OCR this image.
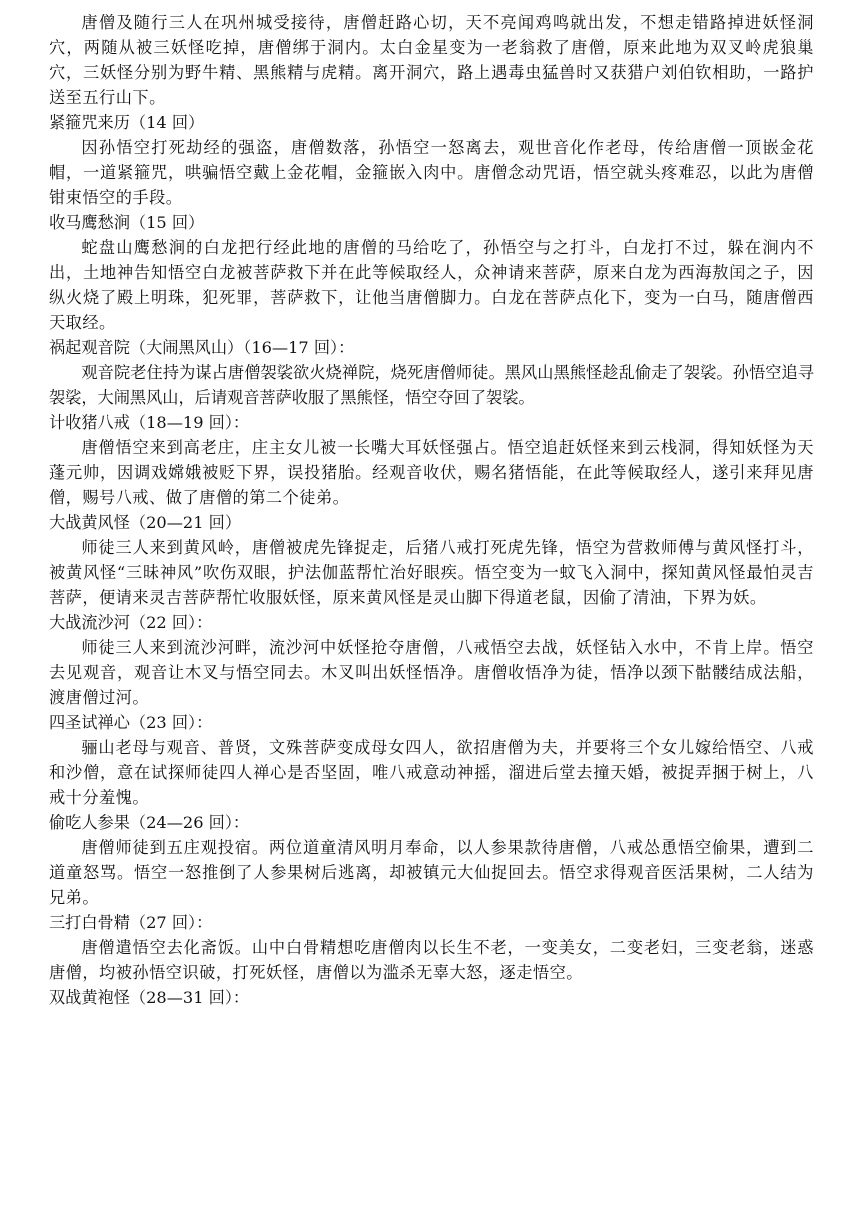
唐僧及随行三人在巩州城受接待，唐僧赶路心切，天不亮闻鸡鸣就出发，不想走错路掉进妖怪洞穴，两随从被三妖怪吃掉，唐僧绑于洞内。太白金星变为一老翁救了唐僧，原来此地为双叉岭虎狼巢穴，三妖怪分别为野牛精、黑熊精与虎精。离开洞穴，路上遇毒虫猛兽时又获猎户刘伯钦相助，一路护送至五行山下。

紧箍咒来历（14 回）

因孙悟空打死劫经的强盗，唐僧数落，孙悟空一怒离去，观世音化作老母，传给唐僧一顶嵌金花帽，一道紧箍咒，哄骗悟空戴上金花帽，金箍嵌入肉中。唐僧念动咒语，悟空就头疼难忍，以此为唐僧钳束悟空的手段。

收马鹰愁涧（15 回）

蛇盘山鹰愁涧的白龙把行经此地的唐僧的马给吃了，孙悟空与之打斗，白龙打不过，躲在涧内不出，土地神告知悟空白龙被菩萨救下并在此等候取经人，众神请来菩萨，原来白龙为西海敖闰之子，因纵火烧了殿上明珠，犯死罪，菩萨救下，让他当唐僧脚力。白龙在菩萨点化下，变为一白马，随唐僧西天取经。

祸起观音院（大闹黑风山）（16—17 回）：

观音院老住持为谋占唐僧袈裟欲火烧禅院，烧死唐僧师徒。黑风山黑熊怪趁乱偷走了袈裟。孙悟空追寻袈裟，大闹黑风山，后请观音菩萨收服了黑熊怪，悟空夺回了袈裟。

计收猪八戒（18—19 回）：

唐僧悟空来到高老庄，庄主女儿被一长嘴大耳妖怪强占。悟空追赶妖怪来到云栈洞，得知妖怪为天蓬元帅，因调戏嫦娥被贬下界，误投猪胎。经观音收伏，赐名猪悟能，在此等候取经人，遂引来拜见唐僧，赐号八戒、做了唐僧的第二个徒弟。

大战黄风怪（20—21 回）

师徒三人来到黄风岭，唐僧被虎先锋捉走，后猪八戒打死虎先锋，悟空为营救师傅与黄风怪打斗，被黄风怪“三昧神风”吹伤双眼，护法伽蓝帮忙治好眼疾。悟空变为一蚊飞入洞中，探知黄风怪最怕灵吉菩萨，便请来灵吉菩萨帮忙收服妖怪，原来黄风怪是灵山脚下得道老鼠，因偷了清油，下界为妖。

大战流沙河（22 回）：

师徒三人来到流沙河畔，流沙河中妖怪抢夺唐僧，八戒悟空去战，妖怪钻入水中，不肯上岸。悟空去见观音，观音让木叉与悟空同去。木叉叫出妖怪悟净。唐僧收悟净为徒，悟净以颈下骷髅结成法船，渡唐僧过河。

四圣试禅心（23 回）：

骊山老母与观音、普贤，文殊菩萨变成母女四人，欲招唐僧为夫，并要将三个女儿嫁给悟空、八戒和沙僧，意在试探师徒四人禅心是否坚固，唯八戒意动神摇，溜进后堂去撞天婚，被捉弄捆于树上，八戒十分羞愧。

偷吃人参果（24—26 回）：

唐僧师徒到五庄观投宿。两位道童清风明月奉命，以人参果款待唐僧，八戒怂恿悟空偷果，遭到二道童怒骂。悟空一怒推倒了人参果树后逃离，却被镇元大仙捉回去。悟空求得观音医活果树，二人结为兄弟。

三打白骨精（27 回）：

唐僧遣悟空去化斋饭。山中白骨精想吃唐僧肉以长生不老，一变美女，二变老妇，三变老翁，迷惑唐僧，均被孙悟空识破，打死妖怪，唐僧以为滥杀无辜大怒，逐走悟空。

双战黄袍怪（28—31 回）：
